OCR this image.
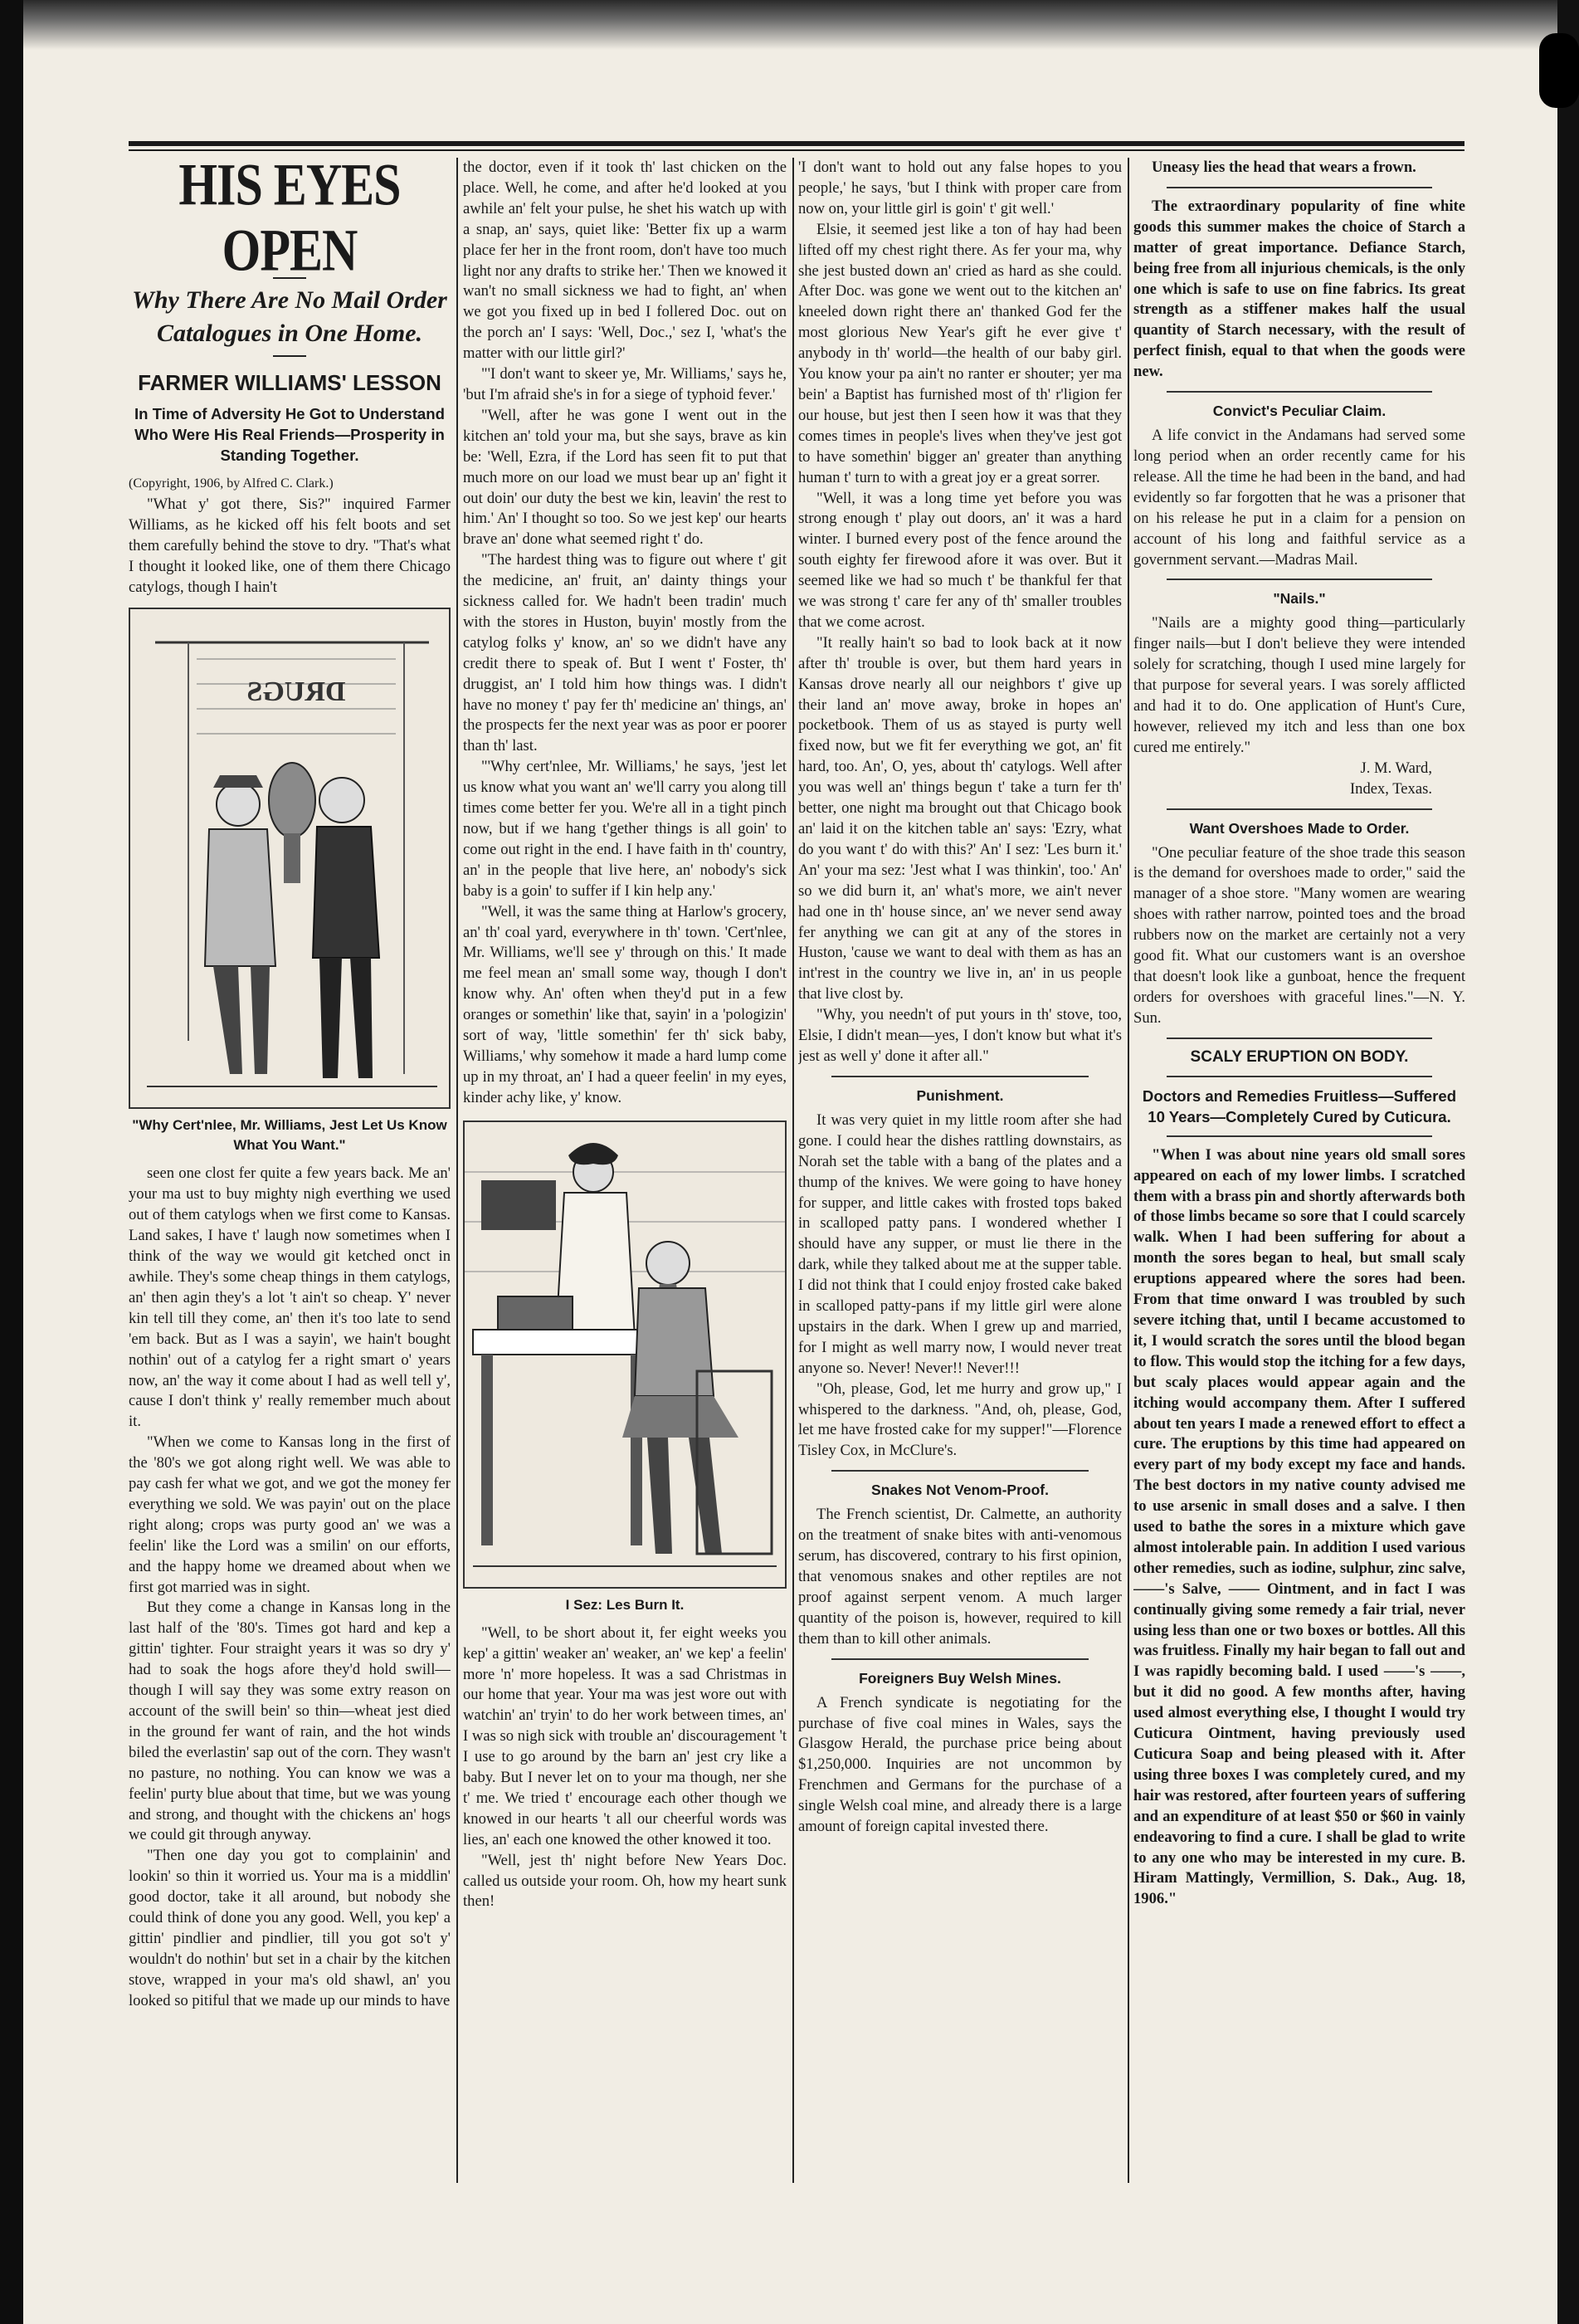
HIS EYES OPEN
Why There Are No Mail Order Catalogues in One Home.
FARMER WILLIAMS' LESSON
In Time of Adversity He Got to Understand Who Were His Real Friends—Prosperity in Standing Together.

(Copyright, 1906, by Alfred C. Clark.)

"What y' got there, Sis?" inquired Farmer Williams, as he kicked off his felt boots and set them carefully behind the stove to dry. "That's what I thought it looked like, one of them there Chicago catylogs, though I hain't

DRUGS
"Why Cert'nlee, Mr. Williams, Jest Let Us Know What You Want."

seen one clost fer quite a few years back. Me an' your ma ust to buy mighty nigh everthing we used out of them catylogs when we first come to Kansas. Land sakes, I have t' laugh now sometimes when I think of the way we would git ketched onct in awhile. They's some cheap things in them catylogs, an' then agin they's a lot 't ain't so cheap. Y' never kin tell till they come, an' then it's too late to send 'em back. But as I was a sayin', we hain't bought nothin' out of a catylog fer a right smart o' years now, an' the way it come about I had as well tell y', cause I don't think y' really remember much about it.

"When we come to Kansas long in the first of the '80's we got along right well. We was able to pay cash fer what we got, and we got the money fer everything we sold. We was payin' out on the place right along; crops was purty good an' we was a feelin' like the Lord was a smilin' on our efforts, and the happy home we dreamed about when we first got married was in sight.

But they come a change in Kansas long in the last half of the '80's. Times got hard and kep a gittin' tighter. Four straight years it was so dry y' had to soak the hogs afore they'd hold swill—though I will say they was some extry reason on account of the swill bein' so thin—wheat jest died in the ground fer want of rain, and the hot winds biled the everlastin' sap out of the corn. They wasn't no pasture, no nothing. You can know we was a feelin' purty blue about that time, but we was young and strong, and thought with the chickens an' hogs we could git through anyway.

"Then one day you got to complainin' and lookin' so thin it worried us. Your ma is a middlin' good doctor, take it all around, but nobody she could think of done you any good. Well, you kep' a gittin' pindlier and pindlier, till you got so't y' wouldn't do nothin' but set in a chair by the kitchen stove, wrapped in your ma's old shawl, an' you looked so pitiful that we made up our minds to have

the doctor, even if it took th' last chicken on the place. Well, he come, and after he'd looked at you awhile an' felt your pulse, he shet his watch up with a snap, an' says, quiet like: 'Better fix up a warm place fer her in the front room, don't have too much light nor any drafts to strike her.' Then we knowed it wan't no small sickness we had to fight, an' when we got you fixed up in bed I follered Doc. out on the porch an' I says: 'Well, Doc.,' sez I, 'what's the matter with our little girl?'

"'I don't want to skeer ye, Mr. Williams,' says he, 'but I'm afraid she's in for a siege of typhoid fever.'

"Well, after he was gone I went out in the kitchen an' told your ma, but she says, brave as kin be: 'Well, Ezra, if the Lord has seen fit to put that much more on our load we must bear up an' fight it out doin' our duty the best we kin, leavin' the rest to him.' An' I thought so too. So we jest kep' our hearts brave an' done what seemed right t' do.

"The hardest thing was to figure out where t' git the medicine, an' fruit, an' dainty things your sickness called for. We hadn't been tradin' much with the stores in Huston, buyin' mostly from the catylog folks y' know, an' so we didn't have any credit there to speak of. But I went t' Foster, th' druggist, an' I told him how things was. I didn't have no money t' pay fer th' medicine an' things, an' the prospects fer the next year was as poor er poorer than th' last.

"'Why cert'nlee, Mr. Williams,' he says, 'jest let us know what you want an' we'll carry you along till times come better fer you. We're all in a tight pinch now, but if we hang t'gether things is all goin' to come out right in the end. I have faith in th' country, an' in the people that live here, an' nobody's sick baby is a goin' to suffer if I kin help any.'

"Well, it was the same thing at Harlow's grocery, an' th' coal yard, everywhere in th' town. 'Cert'nlee, Mr. Williams, we'll see y' through on this.' It made me feel mean an' small some way, though I don't know why. An' often when they'd put in a few oranges or somethin' like that, sayin' in a 'pologizin' sort of way, 'little somethin' fer th' sick baby, Williams,' why somehow it made a hard lump come up in my throat, an' I had a queer feelin' in my eyes, kinder achy like, y' know.

I Sez: Les Burn It.

"Well, to be short about it, fer eight weeks you kep' a gittin' weaker an' weaker, an' we kep' a feelin' more 'n' more hopeless. It was a sad Christmas in our home that year. Your ma was jest wore out with watchin' an' tryin' to do her work between times, an' I was so nigh sick with trouble an' discouragement 't I use to go around by the barn an' jest cry like a baby. But I never let on to your ma though, ner she t' me. We tried t' encourage each other though we knowed in our hearts 't all our cheerful words was lies, an' each one knowed the other knowed it too.

"Well, jest th' night before New Years Doc. called us outside your room. Oh, how my heart sunk then!

'I don't want to hold out any false hopes to you people,' he says, 'but I think with proper care from now on, your little girl is goin' t' git well.'

Elsie, it seemed jest like a ton of hay had been lifted off my chest right there. As fer your ma, why she jest busted down an' cried as hard as she could. After Doc. was gone we went out to the kitchen an' kneeled down right there an' thanked God fer the most glorious New Year's gift he ever give t' anybody in th' world—the health of our baby girl. You know your pa ain't no ranter er shouter; yer ma bein' a Baptist has furnished most of th' r'ligion fer our house, but jest then I seen how it was that they comes times in people's lives when they've jest got to have somethin' bigger an' greater than anything human t' turn to with a great joy er a great sorrer.

"Well, it was a long time yet before you was strong enough t' play out doors, an' it was a hard winter. I burned every post of the fence around the south eighty fer firewood afore it was over. But it seemed like we had so much t' be thankful fer that we was strong t' care fer any of th' smaller troubles that we come acrost.

"It really hain't so bad to look back at it now after th' trouble is over, but them hard years in Kansas drove nearly all our neighbors t' give up their land an' move away, broke in hopes an' pocketbook. Them of us as stayed is purty well fixed now, but we fit fer everything we got, an' fit hard, too. An', O, yes, about th' catylogs. Well after you was well an' things begun t' take a turn fer th' better, one night ma brought out that Chicago book an' laid it on the kitchen table an' says: 'Ezry, what do you want t' do with this?' An' I sez: 'Les burn it.' An' your ma sez: 'Jest what I was thinkin', too.' An' so we did burn it, an' what's more, we ain't never had one in th' house since, an' we never send away fer anything we can git at any of the stores in Huston, 'cause we want to deal with them as has an int'rest in the country we live in, an' in us people that live clost by.

"Why, you needn't of put yours in th' stove, too, Elsie, I didn't mean—yes, I don't know but what it's jest as well y' done it after all."

Punishment.

It was very quiet in my little room after she had gone. I could hear the dishes rattling downstairs, as Norah set the table with a bang of the plates and a thump of the knives. We were going to have honey for supper, and little cakes with frosted tops baked in scalloped patty pans. I wondered whether I should have any supper, or must lie there in the dark, while they talked about me at the supper table. I did not think that I could enjoy frosted cake baked in scalloped patty-pans if my little girl were alone upstairs in the dark. When I grew up and married, for I might as well marry now, I would never treat anyone so. Never! Never!! Never!!!

"Oh, please, God, let me hurry and grow up," I whispered to the darkness. "And, oh, please, God, let me have frosted cake for my supper!"—Florence Tisley Cox, in McClure's.

Snakes Not Venom-Proof.

The French scientist, Dr. Calmette, an authority on the treatment of snake bites with anti-venomous serum, has discovered, contrary to his first opinion, that venomous snakes and other reptiles are not proof against serpent venom. A much larger quantity of the poison is, however, required to kill them than to kill other animals.

Foreigners Buy Welsh Mines.

A French syndicate is negotiating for the purchase of five coal mines in Wales, says the Glasgow Herald, the purchase price being about $1,250,000. Inquiries are not uncommon by Frenchmen and Germans for the purchase of a single Welsh coal mine, and already there is a large amount of foreign capital invested there.

Uneasy lies the head that wears a frown.

The extraordinary popularity of fine white goods this summer makes the choice of Starch a matter of great importance. Defiance Starch, being free from all injurious chemicals, is the only one which is safe to use on fine fabrics. Its great strength as a stiffener makes half the usual quantity of Starch necessary, with the result of perfect finish, equal to that when the goods were new.

Convict's Peculiar Claim.

A life convict in the Andamans had served some long period when an order recently came for his release. All the time he had been in the band, and had evidently so far forgotten that he was a prisoner that on his release he put in a claim for a pension on account of his long and faithful service as a government servant.—Madras Mail.

"Nails."

"Nails are a mighty good thing—particularly finger nails—but I don't believe they were intended solely for scratching, though I used mine largely for that purpose for several years. I was sorely afflicted and had it to do. One application of Hunt's Cure, however, relieved my itch and less than one box cured me entirely."

J. M. Ward,

Index, Texas.

Want Overshoes Made to Order.

"One peculiar feature of the shoe trade this season is the demand for overshoes made to order," said the manager of a shoe store. "Many women are wearing shoes with rather narrow, pointed toes and the broad rubbers now on the market are certainly not a very good fit. What our customers want is an overshoe that doesn't look like a gunboat, hence the frequent orders for overshoes with graceful lines."—N. Y. Sun.

SCALY ERUPTION ON BODY.
Doctors and Remedies Fruitless—Suffered 10 Years—Completely Cured by Cuticura.

"When I was about nine years old small sores appeared on each of my lower limbs. I scratched them with a brass pin and shortly afterwards both of those limbs became so sore that I could scarcely walk. When I had been suffering for about a month the sores began to heal, but small scaly eruptions appeared where the sores had been. From that time onward I was troubled by such severe itching that, until I became accustomed to it, I would scratch the sores until the blood began to flow. This would stop the itching for a few days, but scaly places would appear again and the itching would accompany them. After I suffered about ten years I made a renewed effort to effect a cure. The eruptions by this time had appeared on every part of my body except my face and hands. The best doctors in my native county advised me to use arsenic in small doses and a salve. I then used to bathe the sores in a mixture which gave almost intolerable pain. In addition I used various other remedies, such as iodine, sulphur, zinc salve, ——'s Salve, —— Ointment, and in fact I was continually giving some remedy a fair trial, never using less than one or two boxes or bottles. All this was fruitless. Finally my hair began to fall out and I was rapidly becoming bald. I used ——'s ——, but it did no good. A few months after, having used almost everything else, I thought I would try Cuticura Ointment, having previously used Cuticura Soap and being pleased with it. After using three boxes I was completely cured, and my hair was restored, after fourteen years of suffering and an expenditure of at least $50 or $60 in vainly endeavoring to find a cure. I shall be glad to write to any one who may be interested in my cure. B. Hiram Mattingly, Vermillion, S. Dak., Aug. 18, 1906."
